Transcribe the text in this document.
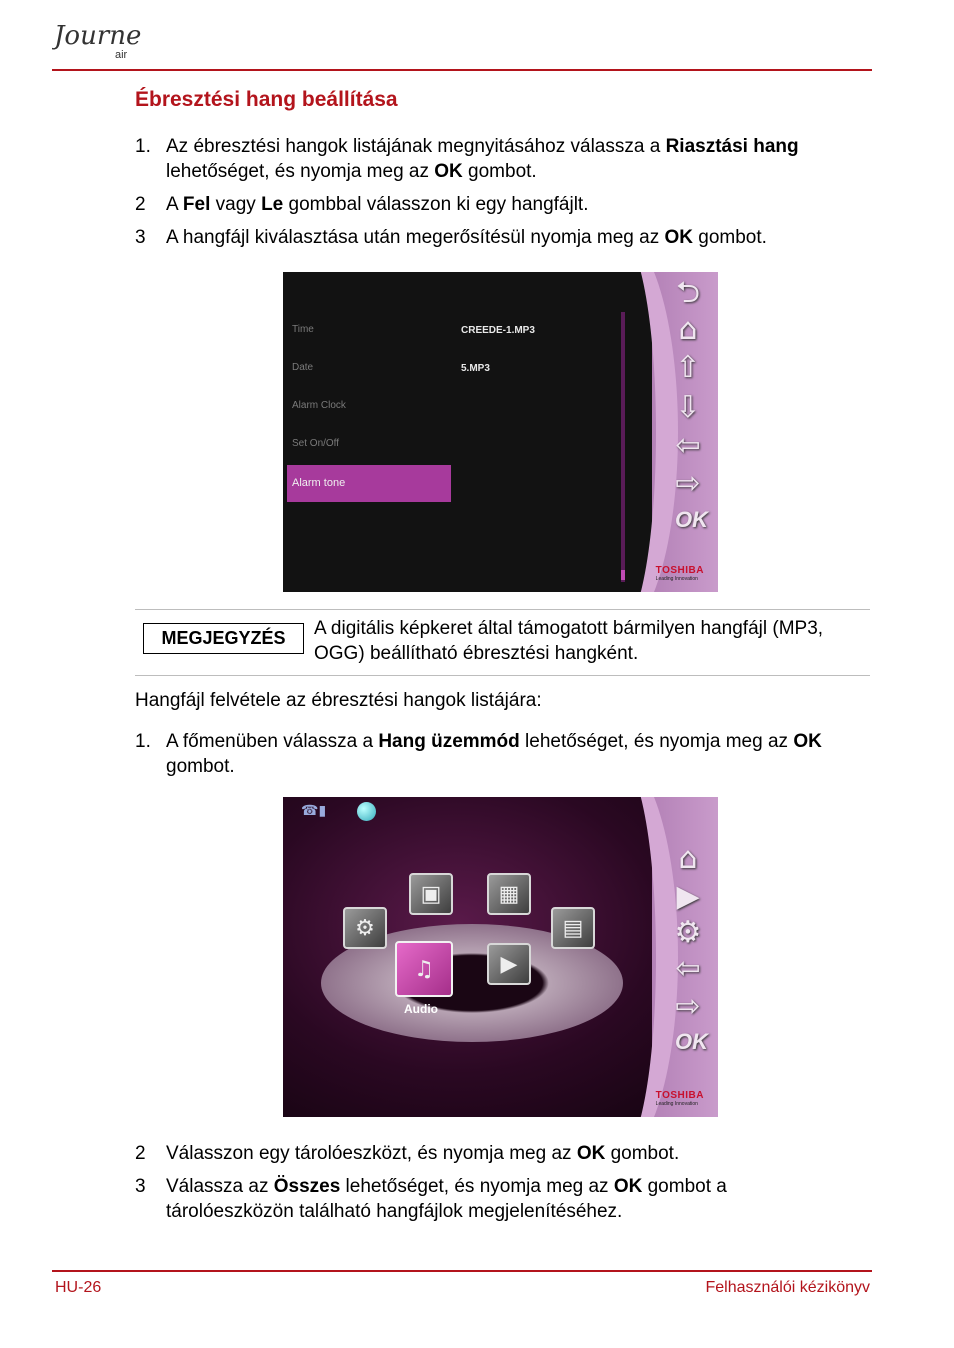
Journe
air
Ébresztési hang beállítása
1. Az ébresztési hangok listájának megnyitásához válassza a Riasztási hang lehetőséget, és nyomja meg az OK gombot.
2	A Fel vagy Le gombbal válasszon ki egy hangfájlt.
3	A hangfájl kiválasztása után megerősítésül nyomja meg az OK gombot.
Time
Date
Alarm Clock
Set On/Off
Alarm tone
CREEDE-1.MP3
5.MP3
⮌
⌂
⇧
⇩
⇦
⇨
OK
TOSHIBA
Leading Innovation
MEGJEGYZÉS	A digitális képkeret által támogatott bármilyen hangfájl (MP3, OGG) beállítható ébresztési hangként.
Hangfájl felvétele az ébresztési hangok listájára:
1. A főmenüben válassza a Hang üzemmód lehetőséget, és nyomja meg az OK gombot.
☎▮
⚙
▣	▦
▤
♫	▶
Audio
⌂
▶
⚙
⇦
⇨
OK
TOSHIBA
Leading Innovation
2	Válasszon egy tárolóeszközt, és nyomja meg az OK gombot.
3	Válassza az Összes lehetőséget, és nyomja meg az OK gombot a tárolóeszközön található hangfájlok megjelenítéséhez.
HU-26	Felhasználói kézikönyv
